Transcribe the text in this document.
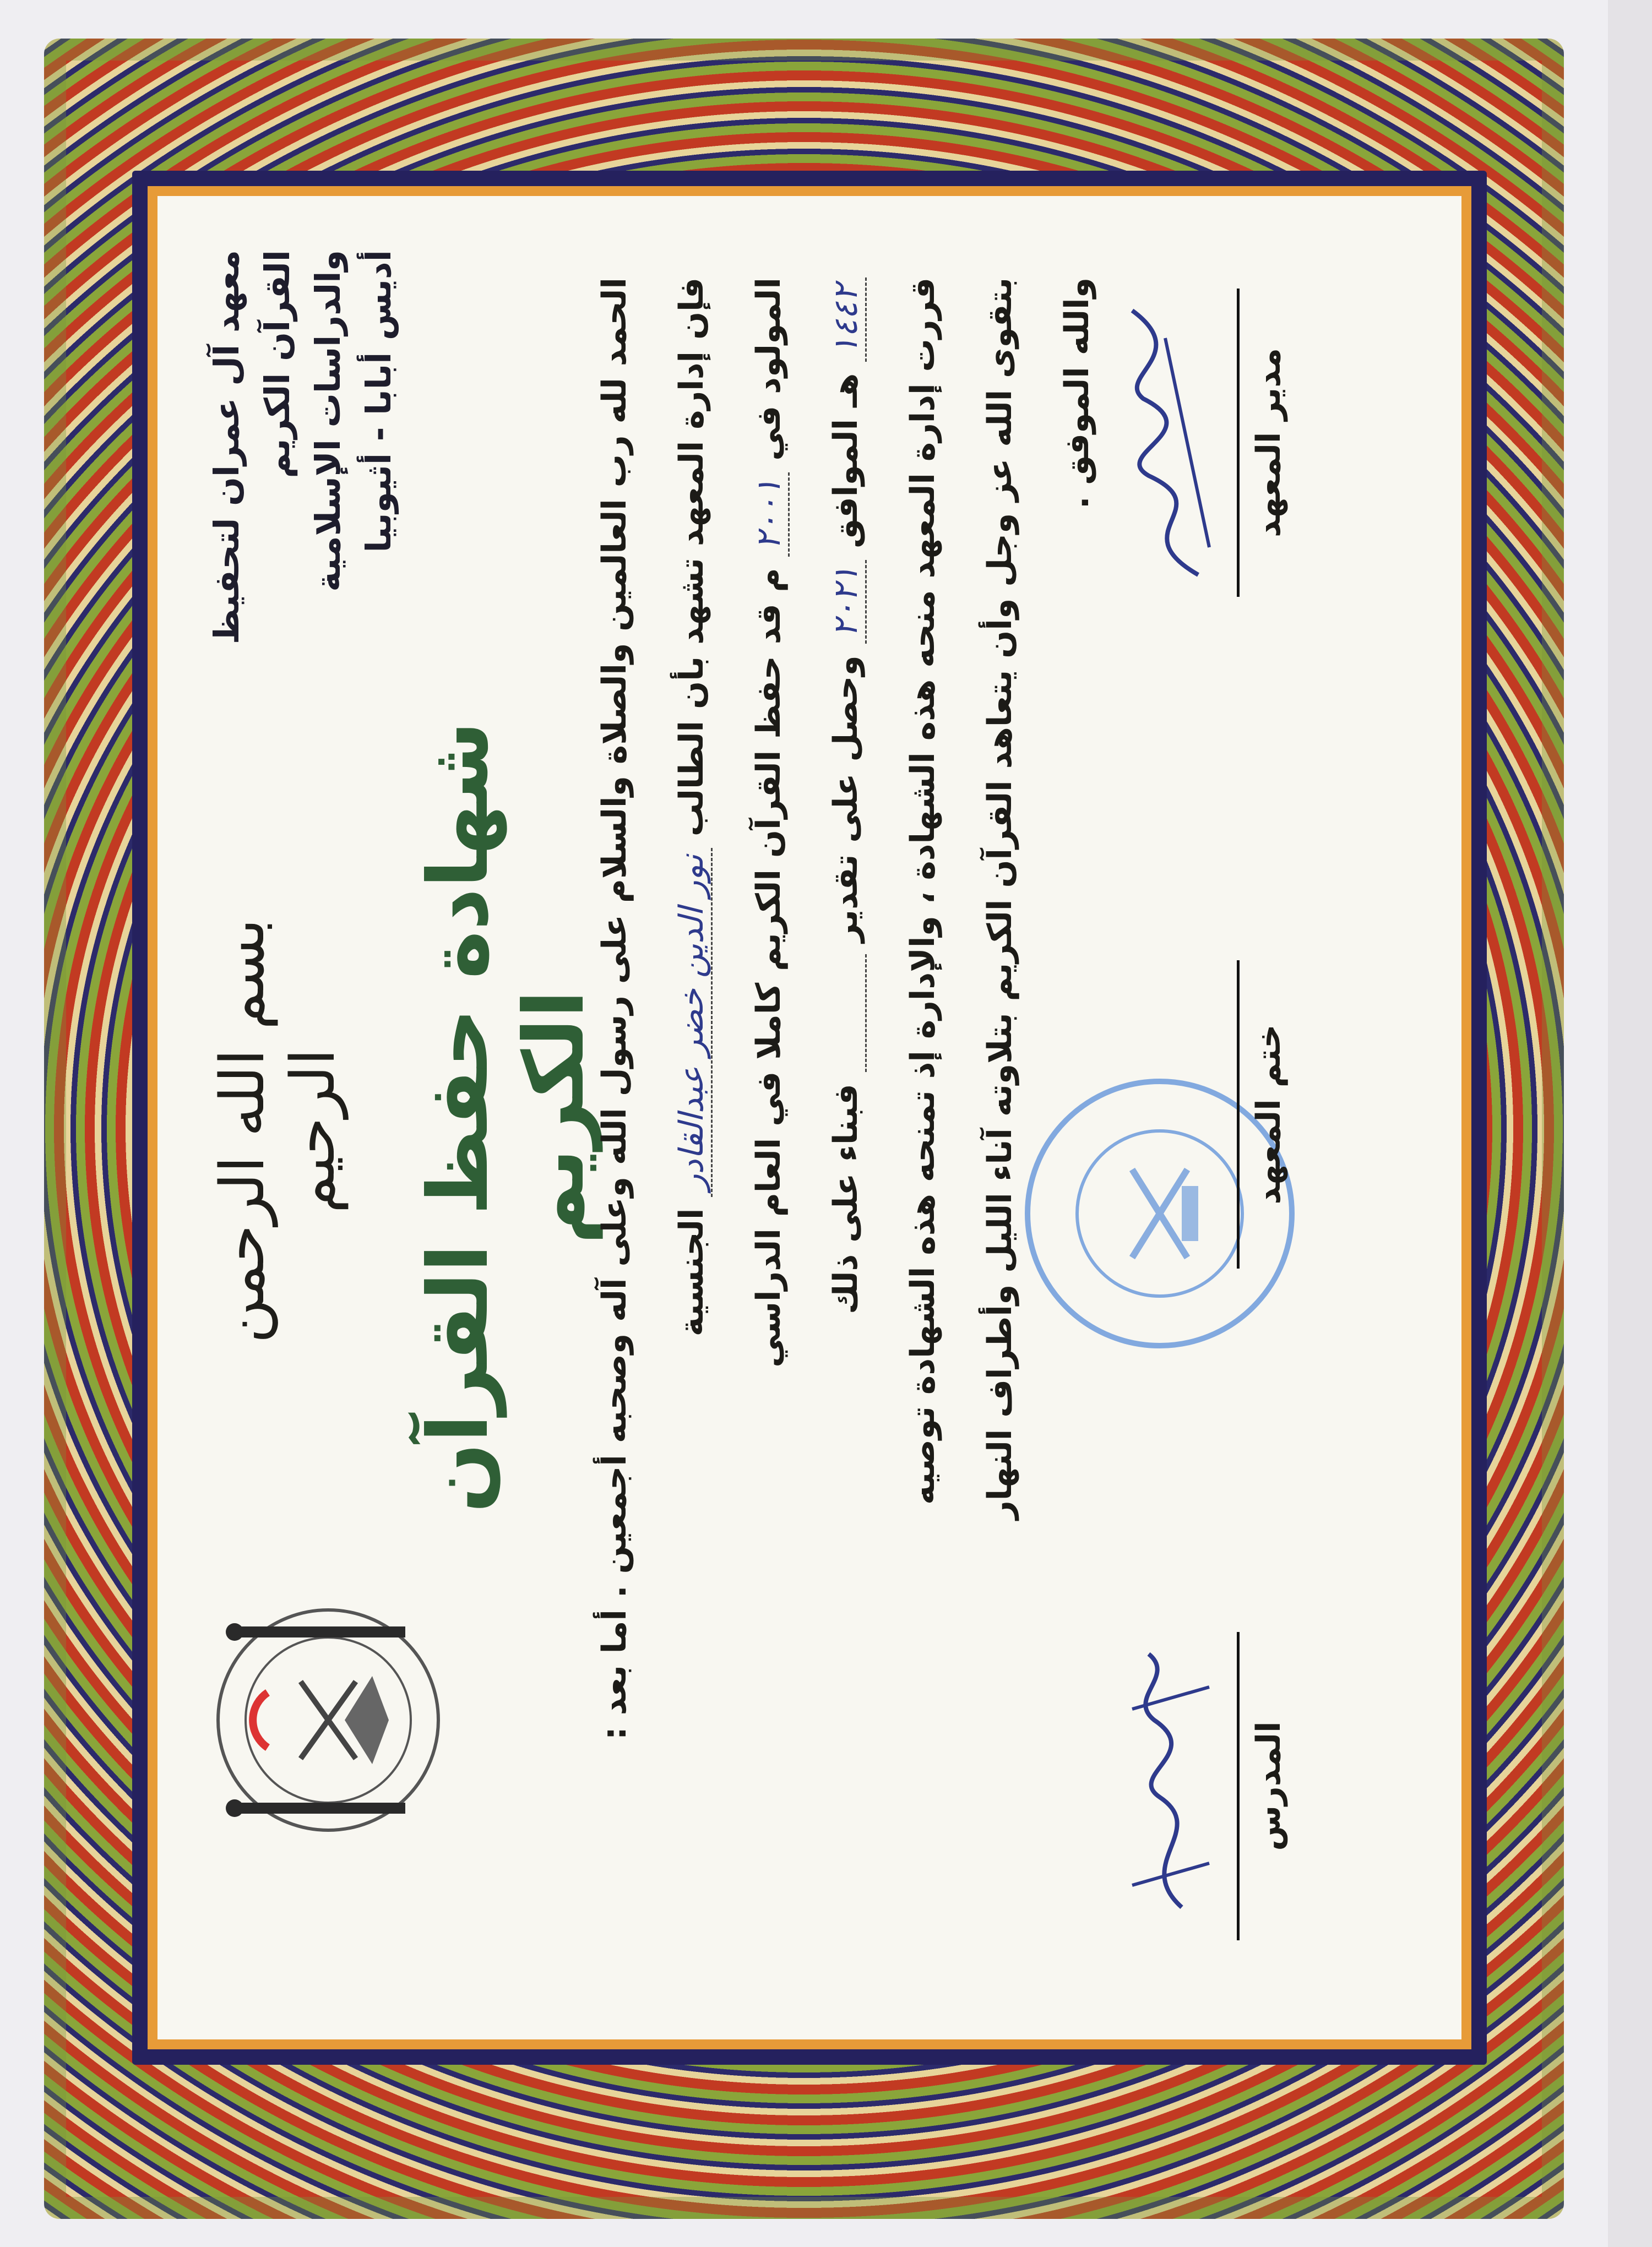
معهد آل عمران لتحفيظ القرآن الكريم والدراسات الإسلامية أديس أبابا - أثيوبيا
بسم الله الرحمن الرحيم شهادة حفظ القرآن الكريم
الحمد لله رب العالمين والصلاة والسلام على رسول الله وعلى آله وصحبه أجمعين . أما بعد :	فإن إدارة المعهد تشهد بأن الطالب نور الدين خضر عبدالقادر الجنسية
المولود في ٢٠٠١ م قد حفظ القرآن الكريم كاملا في العام الدراسي
١٤٤٢ هـ الموافق ٢٠٢١ وحصل على تقدير            فبناء على ذلك	قررت إدارة المعهد منحه هذه الشهادة ، والإدارة إذ تمنحه هذه الشهادة توصيه	بتقوى الله عز وجل وأن يتعاهد القرآن الكريم بتلاوته آناء الليل وأطراف النهار	والله الموفق .	مدير المعهد
ختم المعهد
المدرس
